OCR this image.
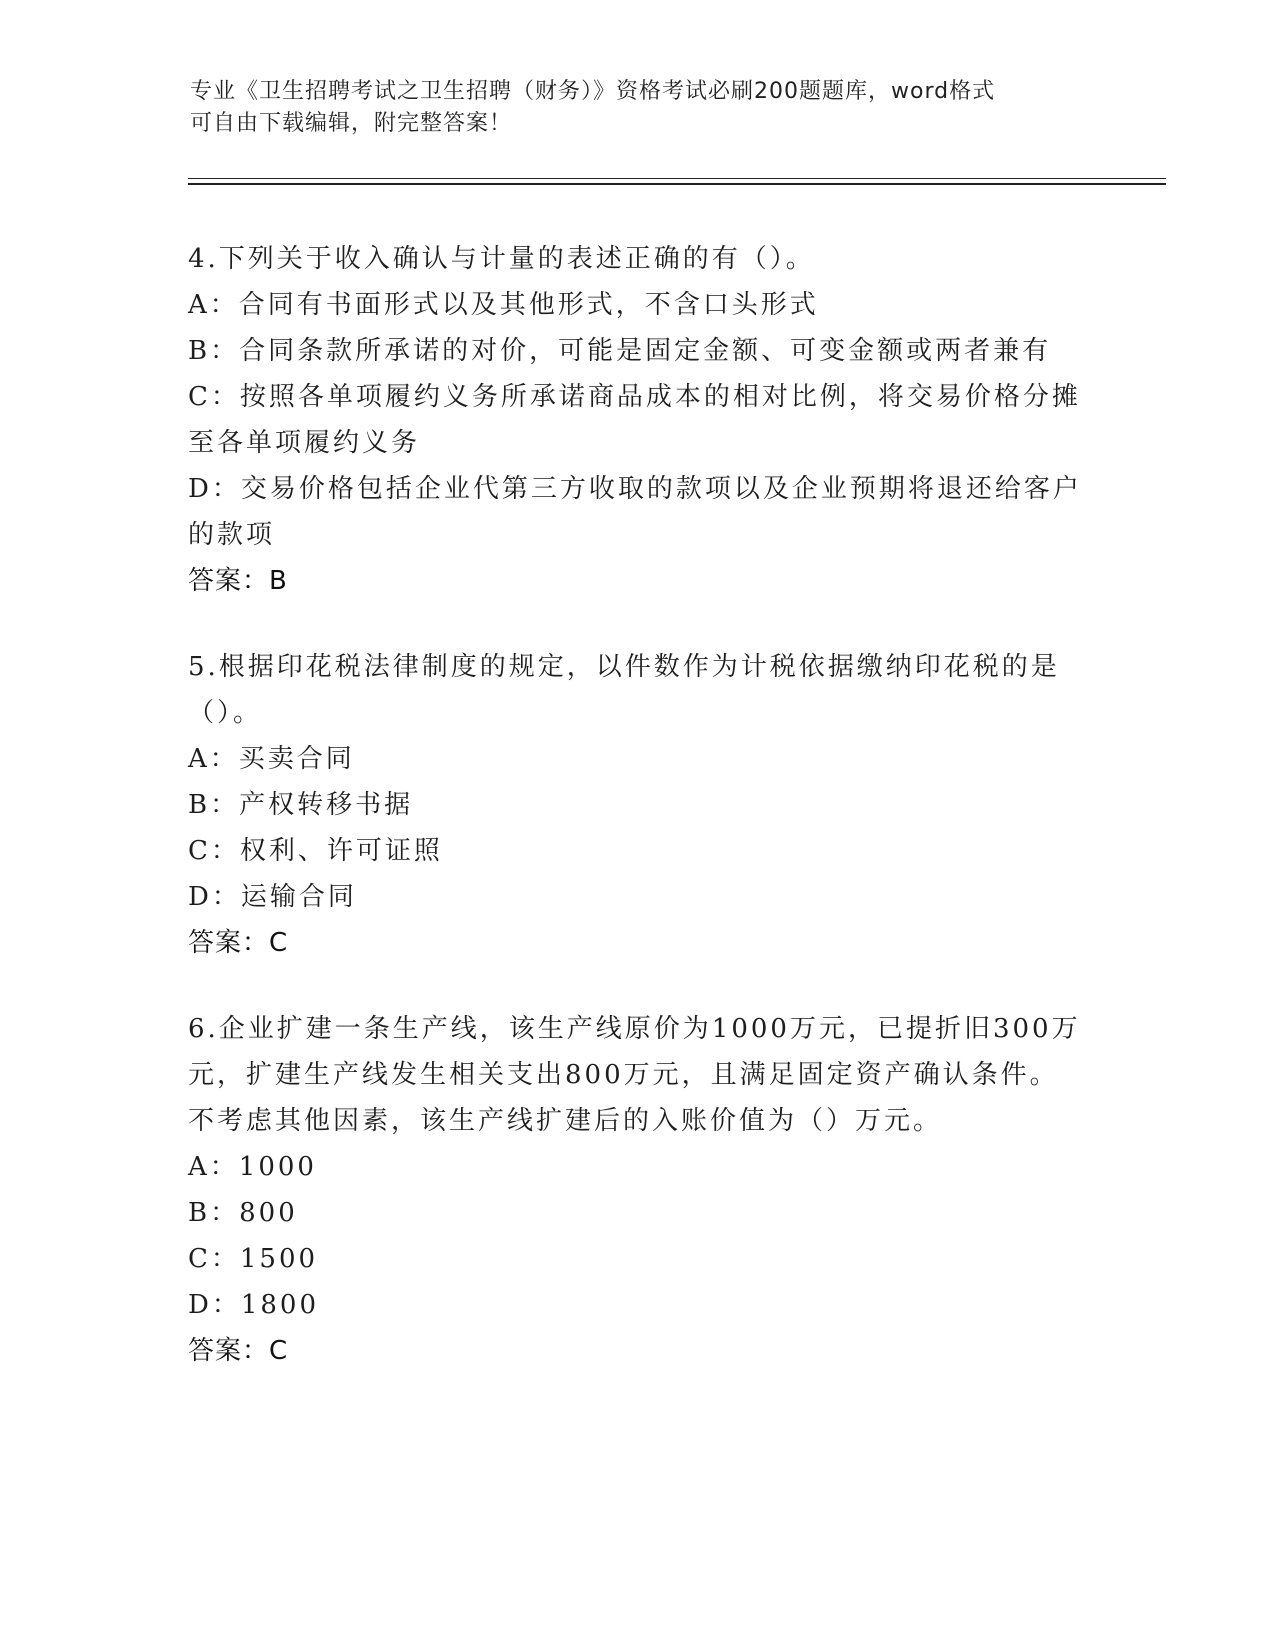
专业《卫生招聘考试之卫生招聘（财务）》资格考试必刷200题题库，word格式
可自由下载编辑，附完整答案！
4.下列关于收入确认与计量的表述正确的有（）。
A：合同有书面形式以及其他形式，不含口头形式
B：合同条款所承诺的对价，可能是固定金额、可变金额或两者兼有
C：按照各单项履约义务所承诺商品成本的相对比例，将交易价格分摊
至各单项履约义务
D：交易价格包括企业代第三方收取的款项以及企业预期将退还给客户
的款项
答案：B
5.根据印花税法律制度的规定，以件数作为计税依据缴纳印花税的是
（）。
A：买卖合同
B：产权转移书据
C：权利、许可证照
D：运输合同
答案：C
6.企业扩建一条生产线，该生产线原价为1000万元，已提折旧300万
元，扩建生产线发生相关支出800万元，且满足固定资产确认条件。
不考虑其他因素，该生产线扩建后的入账价值为（）万元。
A：1000
B：800
C：1500
D：1800
答案：C
